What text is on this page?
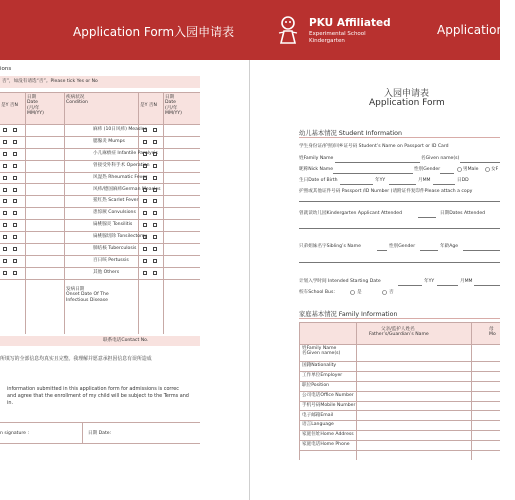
Application Form入园申请表
PKU Affiliated
Experimental School
Kindergarten
Application F
ions
否”，如没有请选“否”。Please tick Yes or No
是Y 否N
日期
Date
(月/年
MM/YY)
疾病状况
Condition
是Y 否N
日期
Date
(月/年
MM/YY)
麻疹 (10日风疹) Measles
腮腺炎 Mumps
小儿麻痹症 Infantile Paralysis
曾接受外科手术 Operation
风湿热 Rheumatic Fever
风疹/德国麻疹German Measles
猩红热 Scarlet Fever
患惊厥 Convulsions
扁桃腺炎 Tonsilitis
扁桃腺切除 Tonsilectomy
肺结核 Tuberculosis
百日咳 Pertussis
其他 Others
发病日期
Onset Date Of The
Infectious Disease
联系电话Contact No.
所填写的全部信息均真实且完整。我理解并愿意承担因信息有误所造成
information submitted in this application form for admissions is correc
and agree that the enrollment of my child will be subject to the Terms and
in.
n signature :	日期 Date:
入园申请表
Application Form
幼儿基本情况 Student Information
学生身份证/护照/回乡证号码 Student’s Name on Passport or ID Card
姓Family Name	名Given name(s)
昵称Nick Name	性别Gender	男Male	女F
生日Date of Birth	年YY	月MM	日DD
护照或其他证件号码 Passport /ID Number (请附证件复印件Please attach a copy
曾就读幼儿园Kindergarten Applicant Attended	日期Dates Attended
只弟姐妹名字Sibling’s Name	性别Gender	年龄Age
计划入学时间 Intended Starting Date	年YY	月MM
校车School Bus：	是	否
家庭基本情况 Family Information
父亲/监护人姓名
Father’s/Guardian’s Name
母
Mo
姓Family Name
名Given name(s)
国籍Nationality
工作单位Employer
职位Position
公司电话Office Number
手机号码Mobile Number
电子邮箱Email
语言Language
家庭住址Home Address
家庭电话Home Phone
